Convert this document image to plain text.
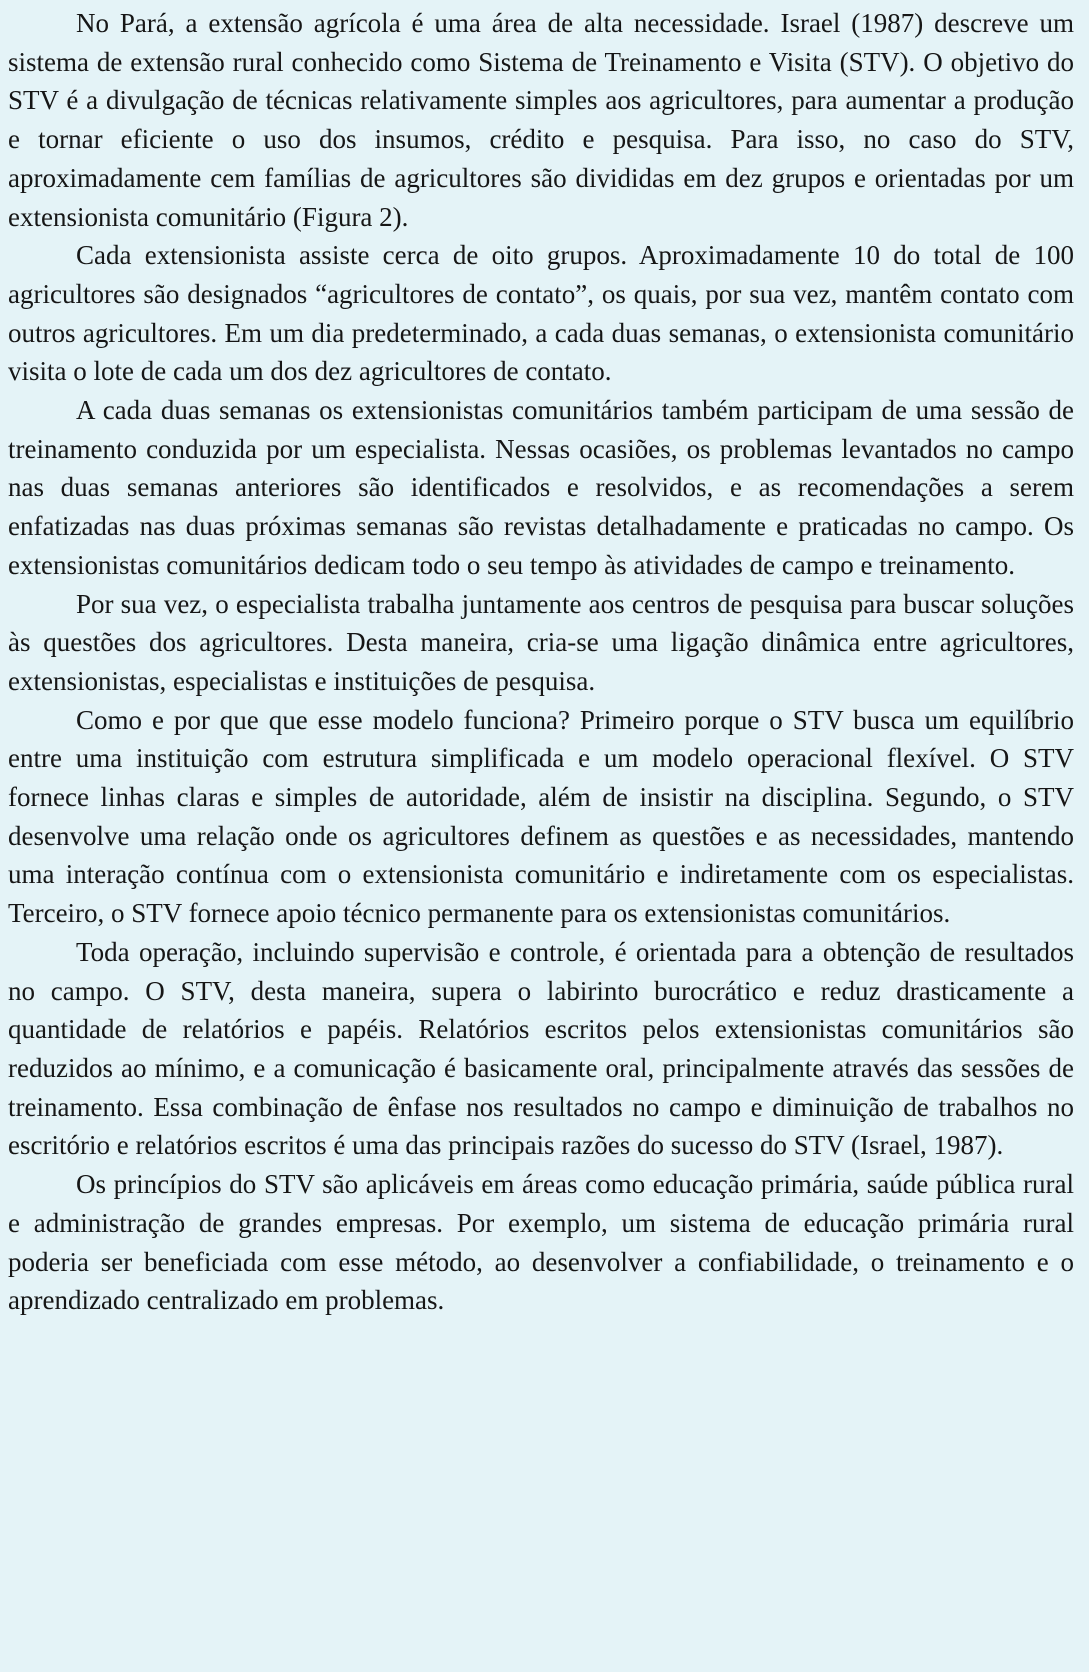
No Pará, a extensão agrícola é uma área de alta necessidade. Israel (1987) descreve um sistema de extensão rural conhecido como Sistema de Treinamento e Visita (STV). O objetivo do STV é a divulgação de técnicas relativamente simples aos agricultores, para aumentar a produção e tornar eficiente o uso dos insumos, crédito e pesquisa. Para isso, no caso do STV, aproximadamente cem famílias de agricultores são divididas em dez grupos e orientadas por um extensionista comunitário (Figura 2).

Cada extensionista assiste cerca de oito grupos. Aproximadamente 10 do total de 100 agricultores são designados “agricultores de contato”, os quais, por sua vez, mantêm contato com outros agricultores. Em um dia predeterminado, a cada duas semanas, o extensionista comunitário visita o lote de cada um dos dez agricultores de contato.

A cada duas semanas os extensionistas comunitários também participam de uma sessão de treinamento conduzida por um especialista. Nessas ocasiões, os problemas levantados no campo nas duas semanas anteriores são identificados e resolvidos, e as recomendações a serem enfatizadas nas duas próximas semanas são revistas detalhadamente e praticadas no campo. Os extensionistas comunitários dedicam todo o seu tempo às atividades de campo e treinamento.

Por sua vez, o especialista trabalha juntamente aos centros de pesquisa para buscar soluções às questões dos agricultores. Desta maneira, cria-se uma ligação dinâmica entre agricultores, extensionistas, especialistas e instituições de pesquisa.

Como e por que que esse modelo funciona? Primeiro porque o STV busca um equilíbrio entre uma instituição com estrutura simplificada e um modelo operacional flexível. O STV fornece linhas claras e simples de autoridade, além de insistir na disciplina. Segundo, o STV desenvolve uma relação onde os agricultores definem as questões e as necessidades, mantendo uma interação contínua com o extensionista comunitário e indiretamente com os especialistas. Terceiro, o STV fornece apoio técnico permanente para os extensionistas comunitários.

Toda operação, incluindo supervisão e controle, é orientada para a obtenção de resultados no campo. O STV, desta maneira, supera o labirinto burocrático e reduz drasticamente a quantidade de relatórios e papéis. Relatórios escritos pelos extensionistas comunitários são reduzidos ao mínimo, e a comunicação é basicamente oral, principalmente através das sessões de treinamento. Essa combinação de ênfase nos resultados no campo e diminuição de trabalhos no escritório e relatórios escritos é uma das principais razões do sucesso do STV (Israel, 1987).

Os princípios do STV são aplicáveis em áreas como educação primária, saúde pública rural e administração de grandes empresas. Por exemplo, um sistema de educação primária rural poderia ser beneficiada com esse método, ao desenvolver a confiabilidade, o treinamento e o aprendizado centralizado em problemas.
